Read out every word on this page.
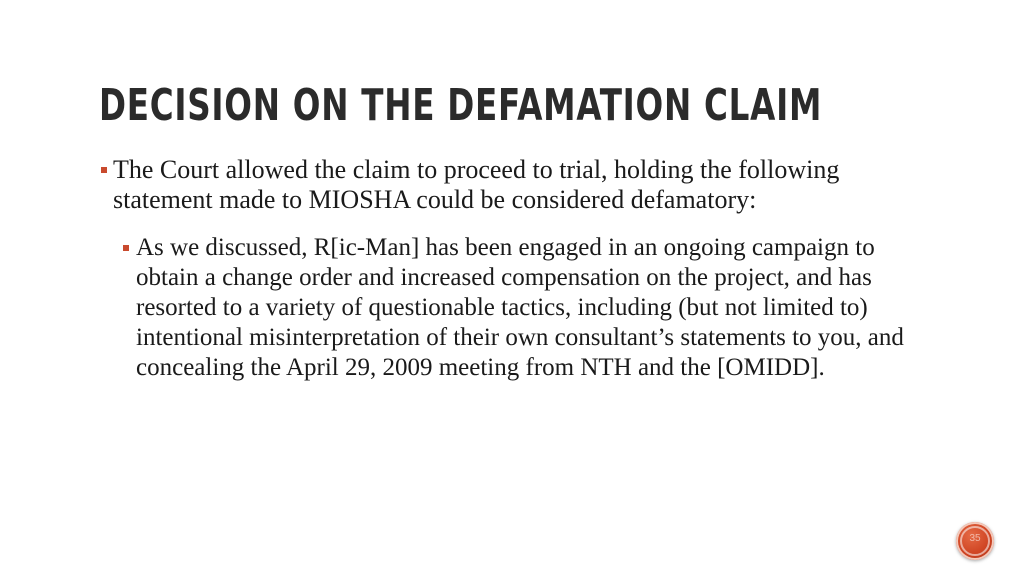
DECISION ON THE DEFAMATION CLAIM

The Court allowed the claim to proceed to trial, holding the following statement made to MIOSHA could be considered defamatory:

As we discussed, R[ic-Man] has been engaged in an ongoing campaign to obtain a change order and increased compensation on the project, and has resorted to a variety of questionable tactics, including (but not limited to) intentional misinterpretation of their own consultant’s statements to you, and concealing the April 29, 2009 meeting from NTH and the [OMIDD].

35
